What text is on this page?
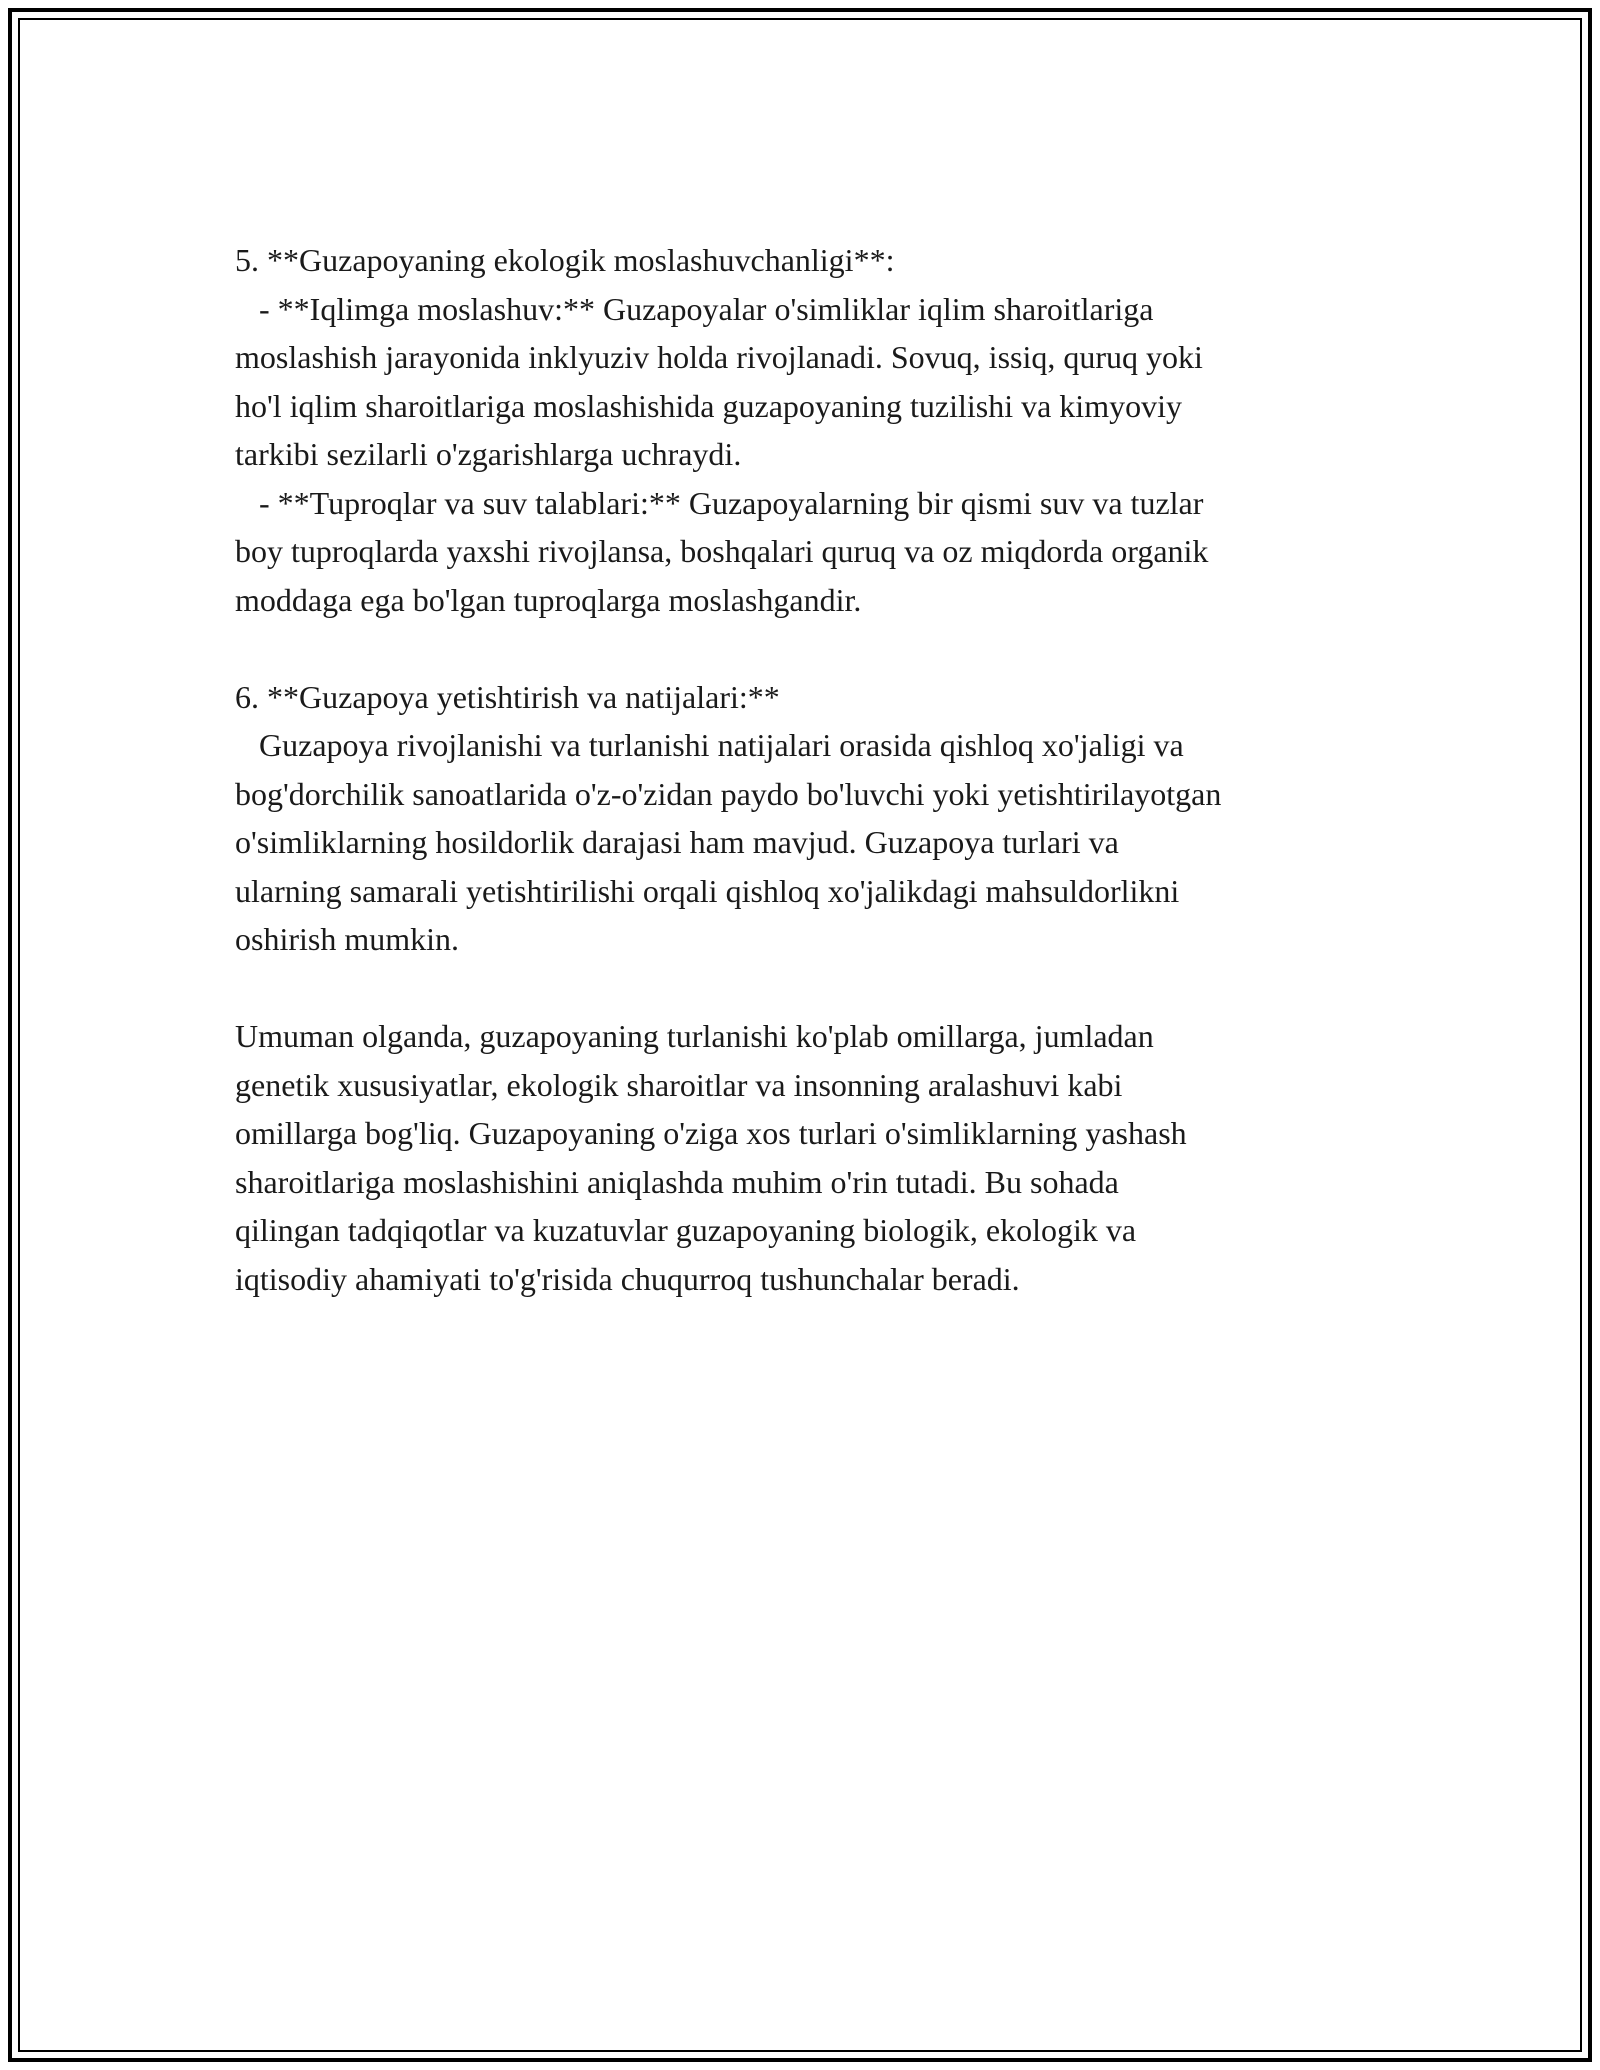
5. **Guzapoyaning ekologik moslashuvchanligi**:

- **Iqlimga moslashuv:** Guzapoyalar o'simliklar iqlim sharoitlariga

moslashish jarayonida inklyuziv holda rivojlanadi. Sovuq, issiq, quruq yoki

ho'l iqlim sharoitlariga moslashishida guzapoyaning tuzilishi va kimyoviy

tarkibi sezilarli o'zgarishlarga uchraydi.

- **Tuproqlar va suv talablari:** Guzapoyalarning bir qismi suv va tuzlar

boy tuproqlarda yaxshi rivojlansa, boshqalari quruq va oz miqdorda organik

moddaga ega bo'lgan tuproqlarga moslashgandir.

6. **Guzapoya yetishtirish va natijalari:**

Guzapoya rivojlanishi va turlanishi natijalari orasida qishloq xo'jaligi va

bog'dorchilik sanoatlarida o'z-o'zidan paydo bo'luvchi yoki yetishtirilayotgan

o'simliklarning hosildorlik darajasi ham mavjud. Guzapoya turlari va

ularning samarali yetishtirilishi orqali qishloq xo'jalikdagi mahsuldorlikni

oshirish mumkin.

Umuman olganda, guzapoyaning turlanishi ko'plab omillarga, jumladan

genetik xususiyatlar, ekologik sharoitlar va insonning aralashuvi kabi

omillarga bog'liq. Guzapoyaning o'ziga xos turlari o'simliklarning yashash

sharoitlariga moslashishini aniqlashda muhim o'rin tutadi. Bu sohada

qilingan tadqiqotlar va kuzatuvlar guzapoyaning biologik, ekologik va

iqtisodiy ahamiyati to'g'risida chuqurroq tushunchalar beradi.
